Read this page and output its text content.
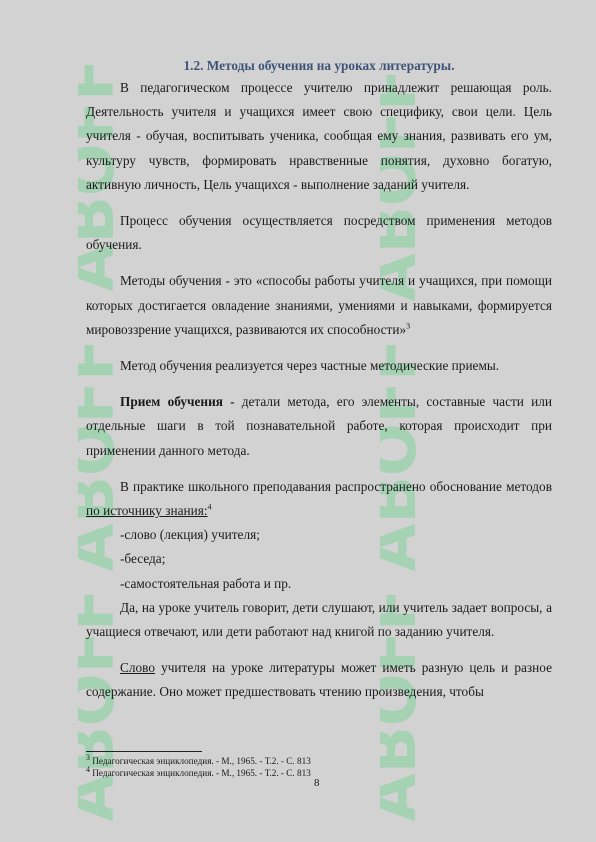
ABOFF
ABOFF
ABOFF
ABOFF
ABOFF
ABOFF
1.2. Методы обучения на уроках литературы.

В педагогическом процессе учителю принадлежит решающая роль. Деятельность учителя и учащихся имеет свою специфику, свои цели. Цель учителя - обучая, воспитывать ученика, сообщая ему знания, развивать его ум, культуру чувств, формировать нравственные понятия, духовно богатую, активную личность, Цель учащихся - выполнение заданий учителя.

Процесс обучения осуществляется посредством применения методов обучения.

Методы обучения - это «способы работы учителя и учащихся, при помощи которых достигается овладение знаниями, умениями и навыками, формируется мировоззрение учащихся, развиваются их способности»$^3$

Метод обучения реализуется через частные методические приемы.

Прием обучения - детали метода, его элементы, составные части или отдельные шаги в той познавательной работе, которая происходит при применении данного метода.

В практике школьного преподавания распространено обоснование методов по источнику знания:$^4$

-слово (лекция) учителя;

-беседа;

-самостоятельная работа и пр.

Да, на уроке учитель говорит, дети слушают, или учитель задает вопросы, а учащиеся отвечают, или дети работают над книгой по заданию учителя.

Слово учителя на уроке литературы может иметь разную цель и разное содержание. Оно может предшествовать чтению произведения, чтобы

$^3$ Педагогическая энциклопедия. - М., 1965. - Т.2. - С. 813
$^4$ Педагогическая энциклопедия. - М., 1965. - Т.2. - С. 813
8
